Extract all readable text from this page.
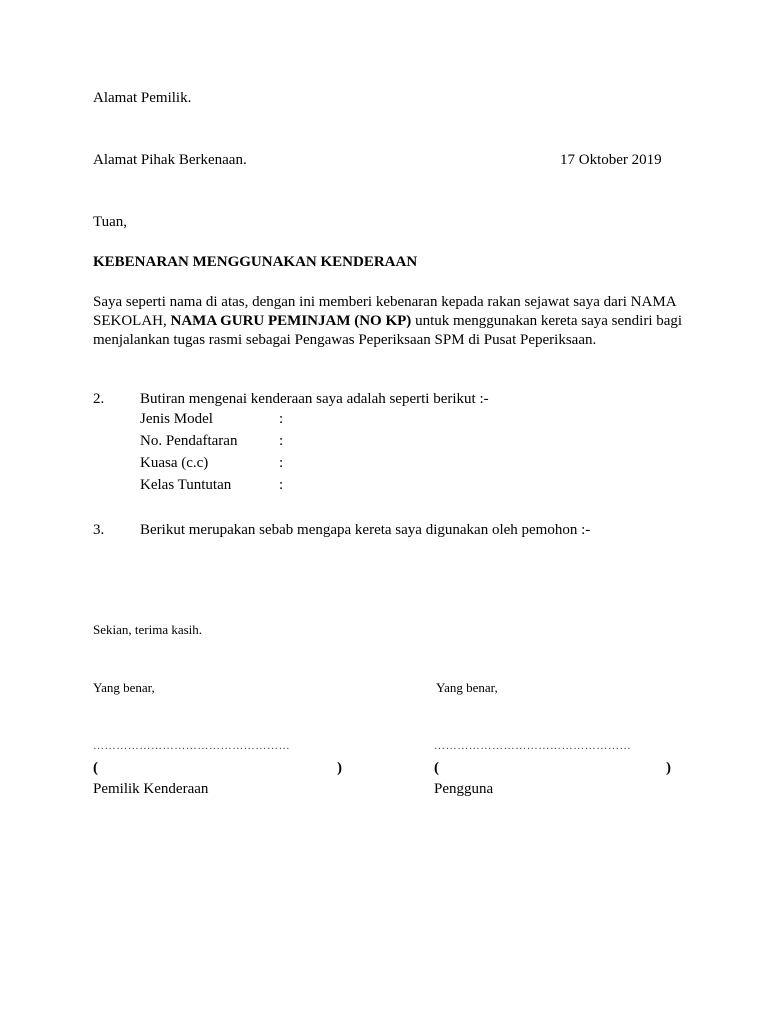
Alamat Pemilik.
Alamat Pihak Berkenaan.	17 Oktober 2019
Tuan,
KEBENARAN MENGGUNAKAN KENDERAAN
Saya seperti nama di atas, dengan ini memberi kebenaran kepada rakan sejawat saya dari NAMA SEKOLAH, NAMA GURU PEMINJAM (NO KP) untuk menggunakan kereta saya sendiri bagi menjalankan tugas rasmi sebagai Pengawas Peperiksaan SPM di Pusat Peperiksaan.
2. Butiran mengenai kenderaan saya adalah seperti berikut :-
Jenis Model	:
No. Pendaftaran	:
Kuasa (c.c)	:
Kelas Tuntutan	:
3. Berikut merupakan sebab mengapa kereta saya digunakan oleh pemohon :-
Sekian, terima kasih.
Yang benar,
……………………………………………
(	)
Pemilik Kenderaan
Yang benar,
……………………………………………
(	)
Pengguna
